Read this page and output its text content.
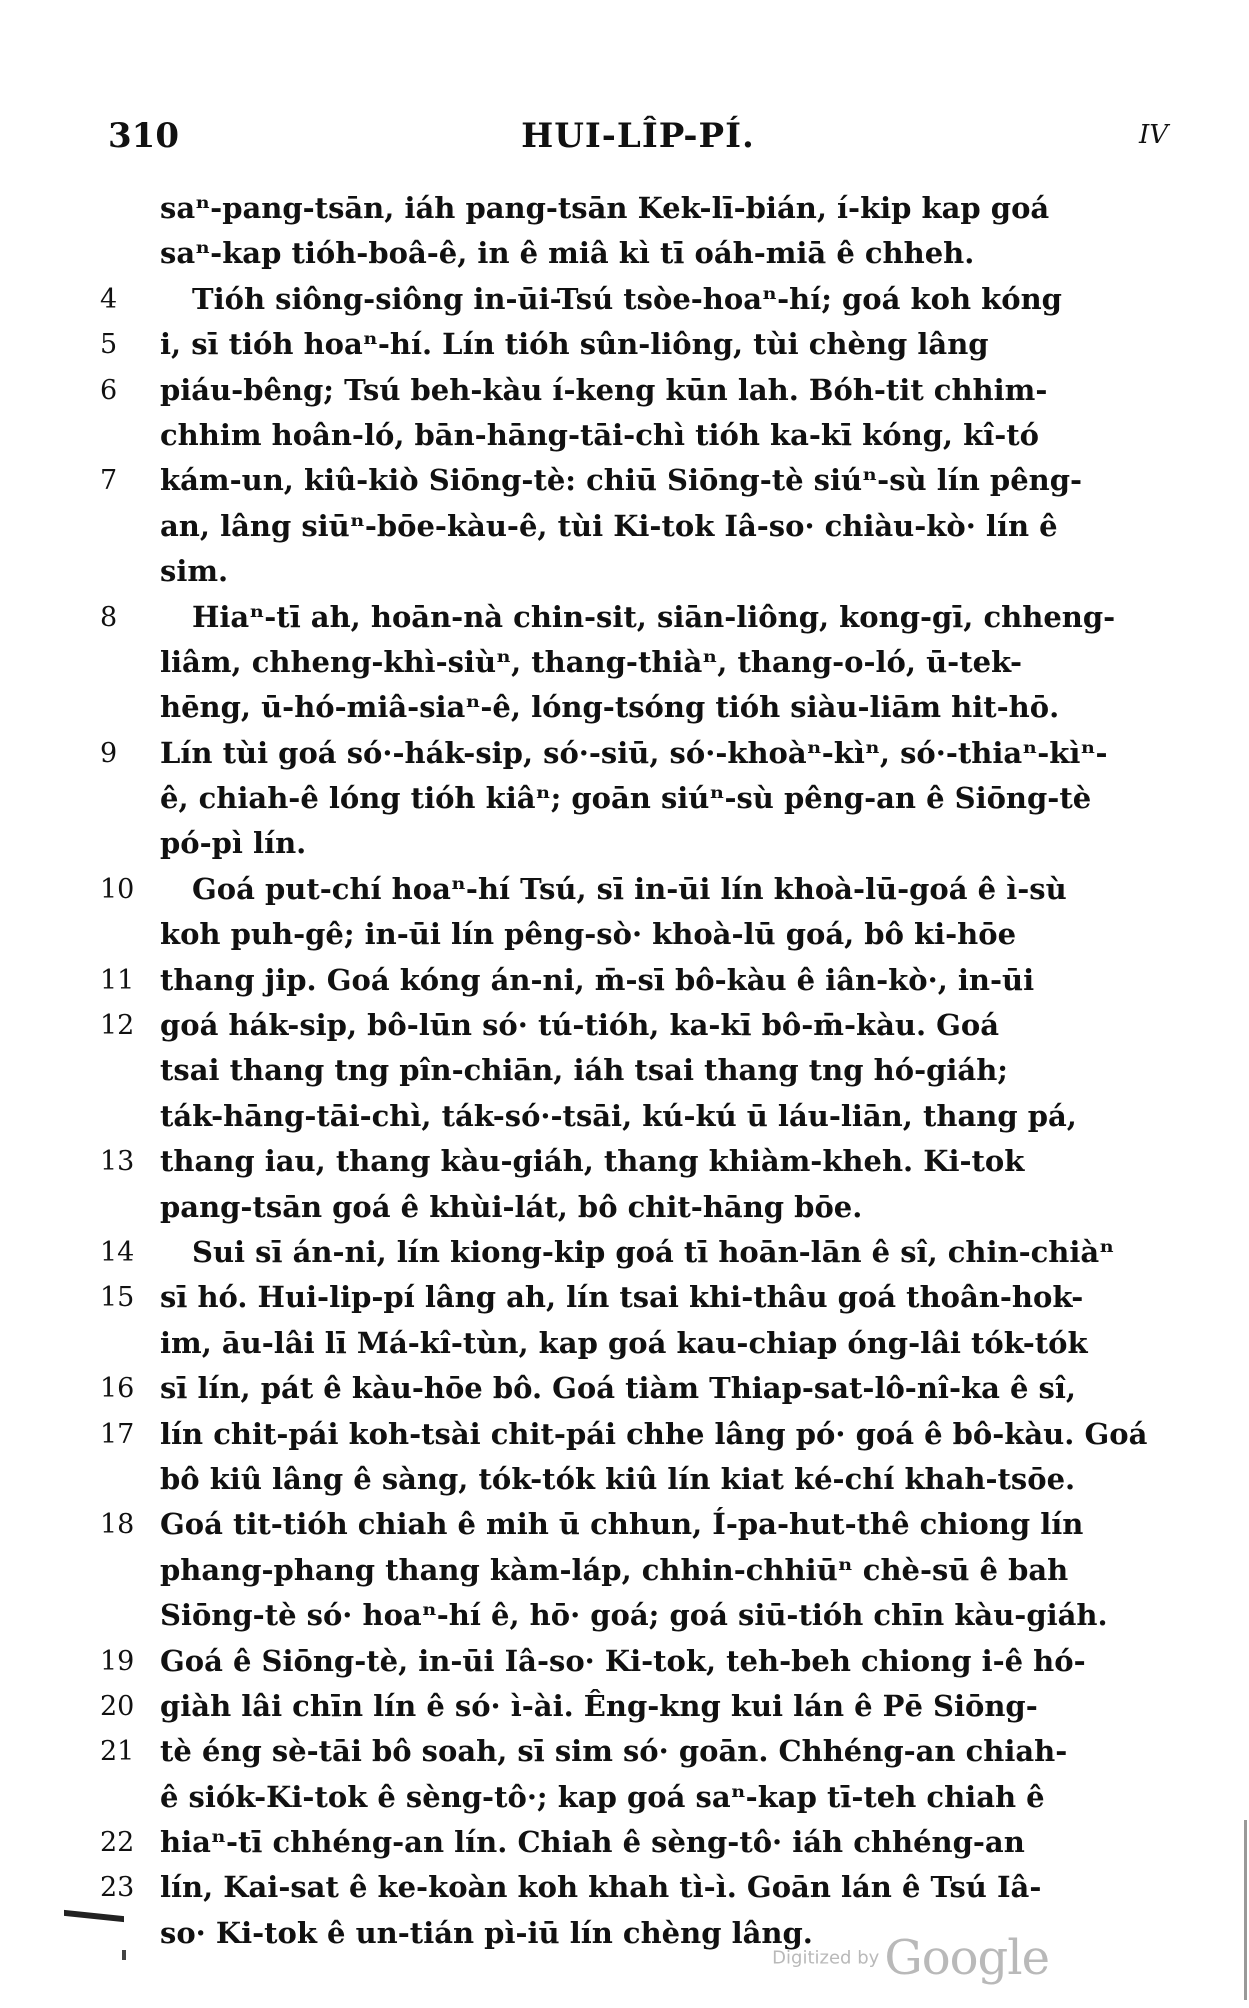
310	HUI-LÎP-PÍ.	IV
saⁿ-pang-tsān, iáh pang-tsān Kek-lī-bián, í-kip kap goá
saⁿ-kap tióh-boâ-ê, in ê miâ kì tī oáh-miā ê chheh.
4	Tióh siông-siông in-ūi-Tsú tsòe-hoaⁿ-hí; goá koh kóng
5	i, sī tióh hoaⁿ-hí. Lín tióh sûn-liông, tùi chèng lâng
6	piáu-bêng; Tsú beh-kàu í-keng kūn lah. Bóh-tit chhim-
chhim hoân-ló, bān-hāng-tāi-chì tióh ka-kī kóng, kî-tó
7	kám-un, kiû-kiò Siōng-tè: chiū Siōng-tè siúⁿ-sù lín pêng-
an, lâng siūⁿ-bōe-kàu-ê, tùi Ki-tok Iâ-so· chiàu-kò· lín ê
sim.
8	Hiaⁿ-tī ah, hoān-nà chin-sit, siān-liông, kong-gī, chheng-
liâm, chheng-khì-siùⁿ, thang-thiàⁿ, thang-o-ló, ū-tek-
hēng, ū-hó-miâ-siaⁿ-ê, lóng-tsóng tióh siàu-liām hit-hō.
9	Lín tùi goá só·-hák-sip, só·-siū, só·-khoàⁿ-kìⁿ, só·-thiaⁿ-kìⁿ-
ê, chiah-ê lóng tióh kiâⁿ; goān siúⁿ-sù pêng-an ê Siōng-tè
pó-pì lín.
10	Goá put-chí hoaⁿ-hí Tsú, sī in-ūi lín khoà-lū-goá ê ì-sù
koh puh-gê; in-ūi lín pêng-sò· khoà-lū goá, bô ki-hōe
11 thang jip. Goá kóng án-ni, m̄-sī bô-kàu ê iân-kò·, in-ūi
12 goá hák-sip, bô-lūn só· tú-tióh, ka-kī bô-m̄-kàu. Goá
tsai thang tng pîn-chiān, iáh tsai thang tng hó-giáh;
ták-hāng-tāi-chì, ták-só·-tsāi, kú-kú ū láu-liān, thang pá,
13 thang iau, thang kàu-giáh, thang khiàm-kheh. Ki-tok
pang-tsān goá ê khùi-lát, bô chit-hāng bōe.
14	Sui sī án-ni, lín kiong-kip goá tī hoān-lān ê sî, chin-chiàⁿ
15 sī hó. Hui-lip-pí lâng ah, lín tsai khi-thâu goá thoân-hok-
im, āu-lâi lī Má-kî-tùn, kap goá kau-chiap óng-lâi tók-tók
16 sī lín, pát ê kàu-hōe bô. Goá tiàm Thiap-sat-lô-nî-ka ê sî,
17 lín chit-pái koh-tsài chit-pái chhe lâng pó· goá ê bô-kàu. Goá
bô kiû lâng ê sàng, tók-tók kiû lín kiat ké-chí khah-tsōe.
18 Goá tit-tióh chiah ê mih ū chhun, Í-pa-hut-thê chiong lín
phang-phang thang kàm-láp, chhin-chhiūⁿ chè-sū ê bah
Siōng-tè só· hoaⁿ-hí ê, hō· goá; goá siū-tióh chīn kàu-giáh.
19 Goá ê Siōng-tè, in-ūi Iâ-so· Ki-tok, teh-beh chiong i-ê hó-
20 giàh lâi chīn lín ê só· ì-ài. Êng-kng kui lán ê Pē Siōng-
21 tè éng sè-tāi bô soah, sī sim só· goān. Chhéng-an chiah-
ê siók-Ki-tok ê sèng-tô·; kap goá saⁿ-kap tī-teh chiah ê
22 hiaⁿ-tī chhéng-an lín. Chiah ê sèng-tô· iáh chhéng-an
23 lín, Kai-sat ê ke-koàn koh khah tì-ì. Goān lán ê Tsú Iâ-
so· Ki-tok ê un-tián pì-iū lín chèng lâng.
Digitized by Google
